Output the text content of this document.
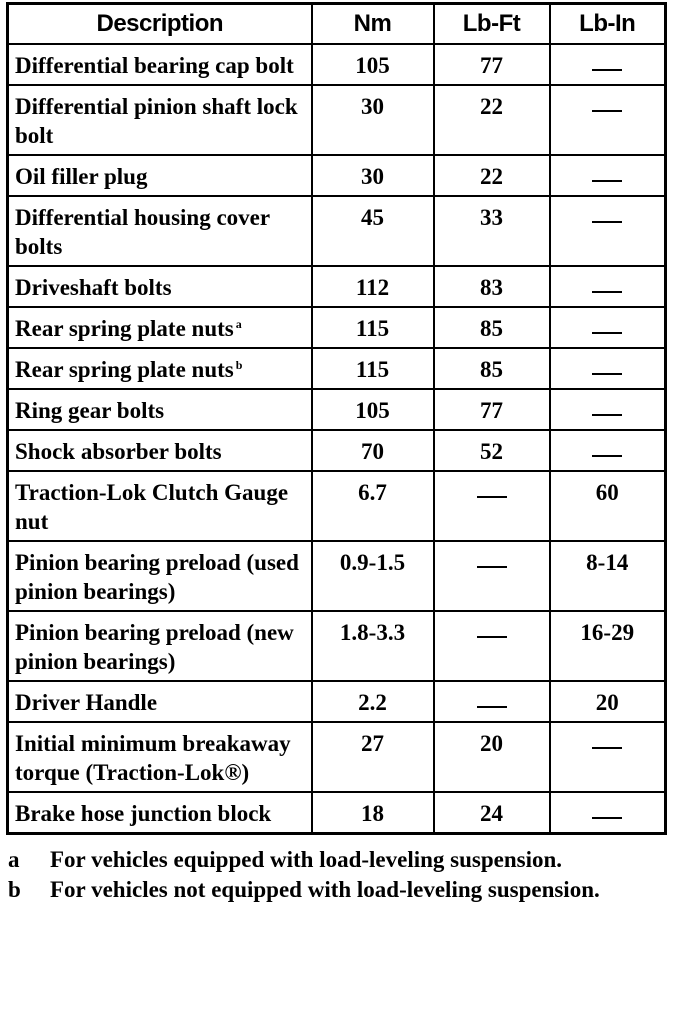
Description	Nm	Lb-Ft	Lb-In
Differential bearing cap bolt	105	77	
Differential pinion shaft lock bolt	30	22	
Oil filler plug	30	22	
Differential housing cover bolts	45	33	
Driveshaft bolts	112	83	
Rear spring plate nuts $^a$	115	85	
Rear spring plate nuts $^b$	115	85	
Ring gear bolts	105	77	
Shock absorber bolts	70	52	
Traction-Lok Clutch Gauge nut	6.7		60
Pinion bearing preload (used pinion bearings)	0.9-1.5		8-14
Pinion bearing preload (new pinion bearings)	1.8-3.3		16-29
Driver Handle	2.2		20
Initial minimum breakaway torque (Traction-Lok®)	27	20	
Brake hose junction block	18	24	
a	For vehicles equipped with load-leveling suspension.
b	For vehicles not equipped with load-leveling suspension.
